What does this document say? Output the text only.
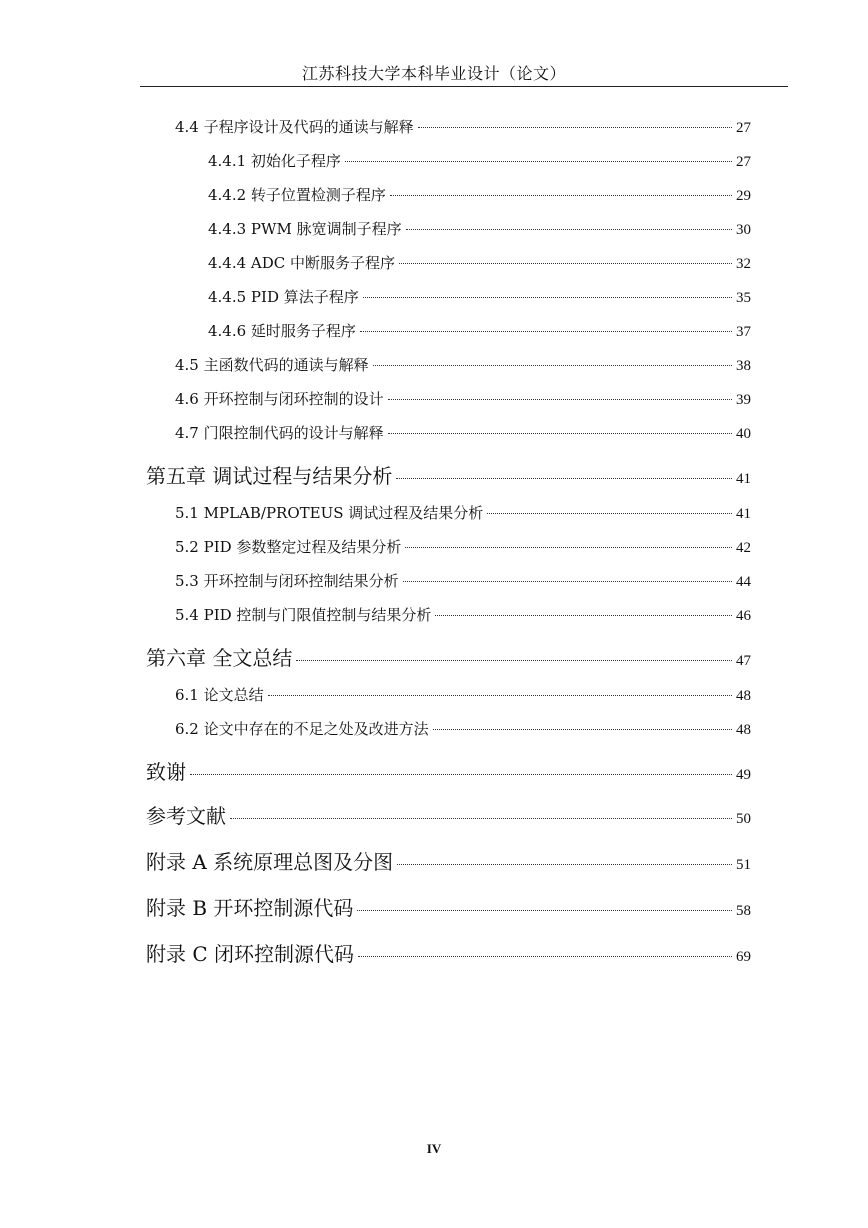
江苏科技大学本科毕业设计（论文）
4.4 子程序设计及代码的通读与解释	27
4.4.1 初始化子程序	27
4.4.2 转子位置检测子程序	29
4.4.3 PWM 脉宽调制子程序	30
4.4.4 ADC 中断服务子程序	32
4.4.5 PID 算法子程序	35
4.4.6 延时服务子程序	37
4.5 主函数代码的通读与解释	38
4.6 开环控制与闭环控制的设计	39
4.7 门限控制代码的设计与解释	40
第五章 调试过程与结果分析	41
5.1 MPLAB/PROTEUS 调试过程及结果分析	41
5.2 PID 参数整定过程及结果分析	42
5.3 开环控制与闭环控制结果分析	44
5.4 PID 控制与门限值控制与结果分析	46
第六章 全文总结	47
6.1 论文总结	48
6.2 论文中存在的不足之处及改进方法	48
致谢	49
参考文献	50
附录 A 系统原理总图及分图	51
附录 B 开环控制源代码	58
附录 C 闭环控制源代码	69
IV
